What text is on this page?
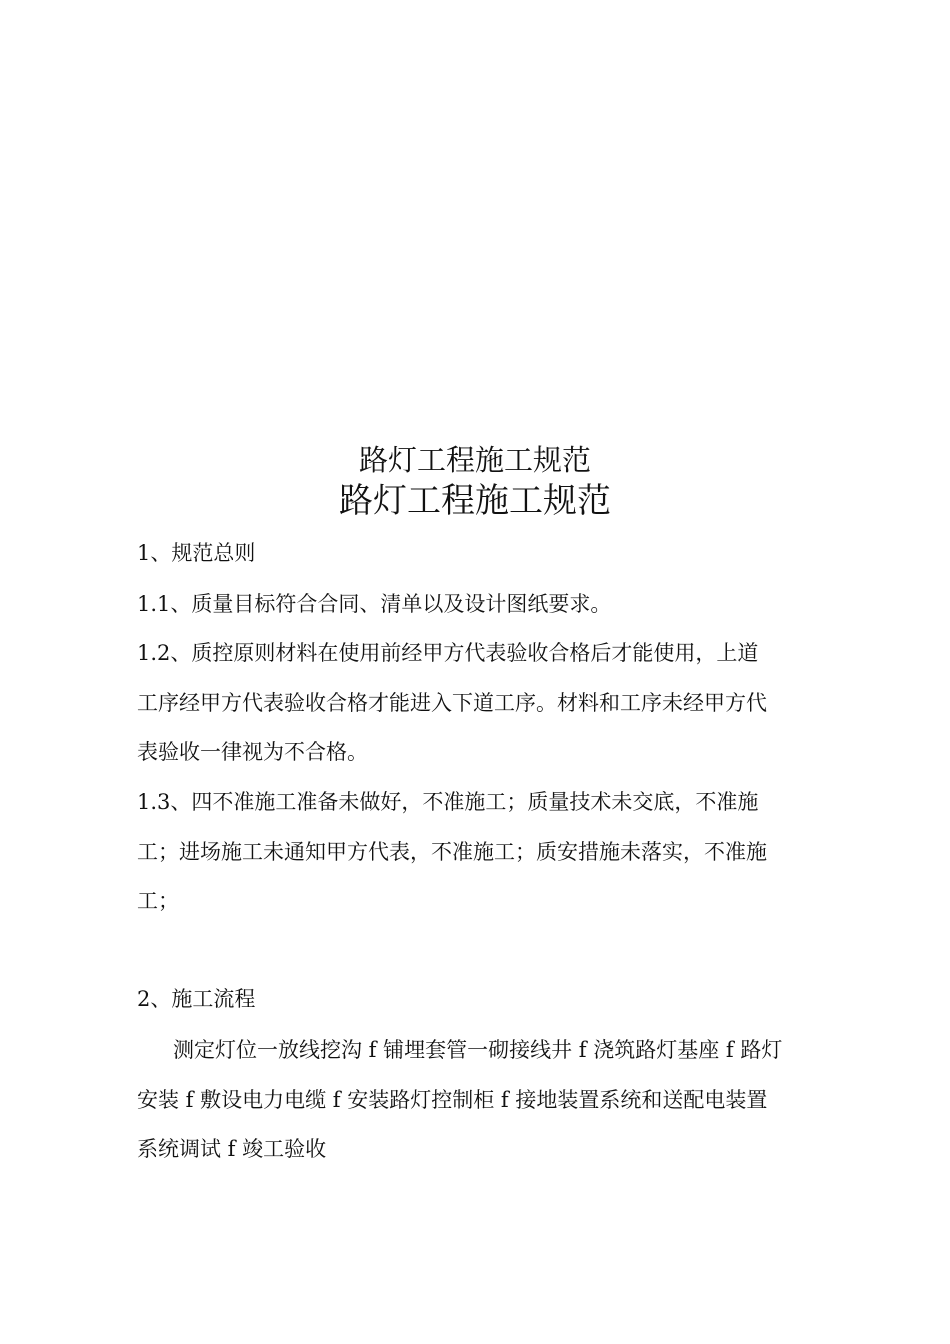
路灯工程施工规范
路灯工程施工规范
1、规范总则
1.1、质量目标符合合同、清单以及设计图纸要求。
1.2、质控原则材料在使用前经甲方代表验收合格后才能使用，上道
工序经甲方代表验收合格才能进入下道工序。材料和工序未经甲方代
表验收一律视为不合格。
1.3、四不准施工准备未做好，不准施工；质量技术未交底，不准施
工；进场施工未通知甲方代表，不准施工；质安措施未落实，不准施
工；
2、施工流程
测定灯位一放线挖沟 f 铺埋套管一砌接线井 f 浇筑路灯基座 f 路灯
安装 f 敷设电力电缆 f 安装路灯控制柜 f 接地装置系统和送配电装置
系统调试 f 竣工验收
